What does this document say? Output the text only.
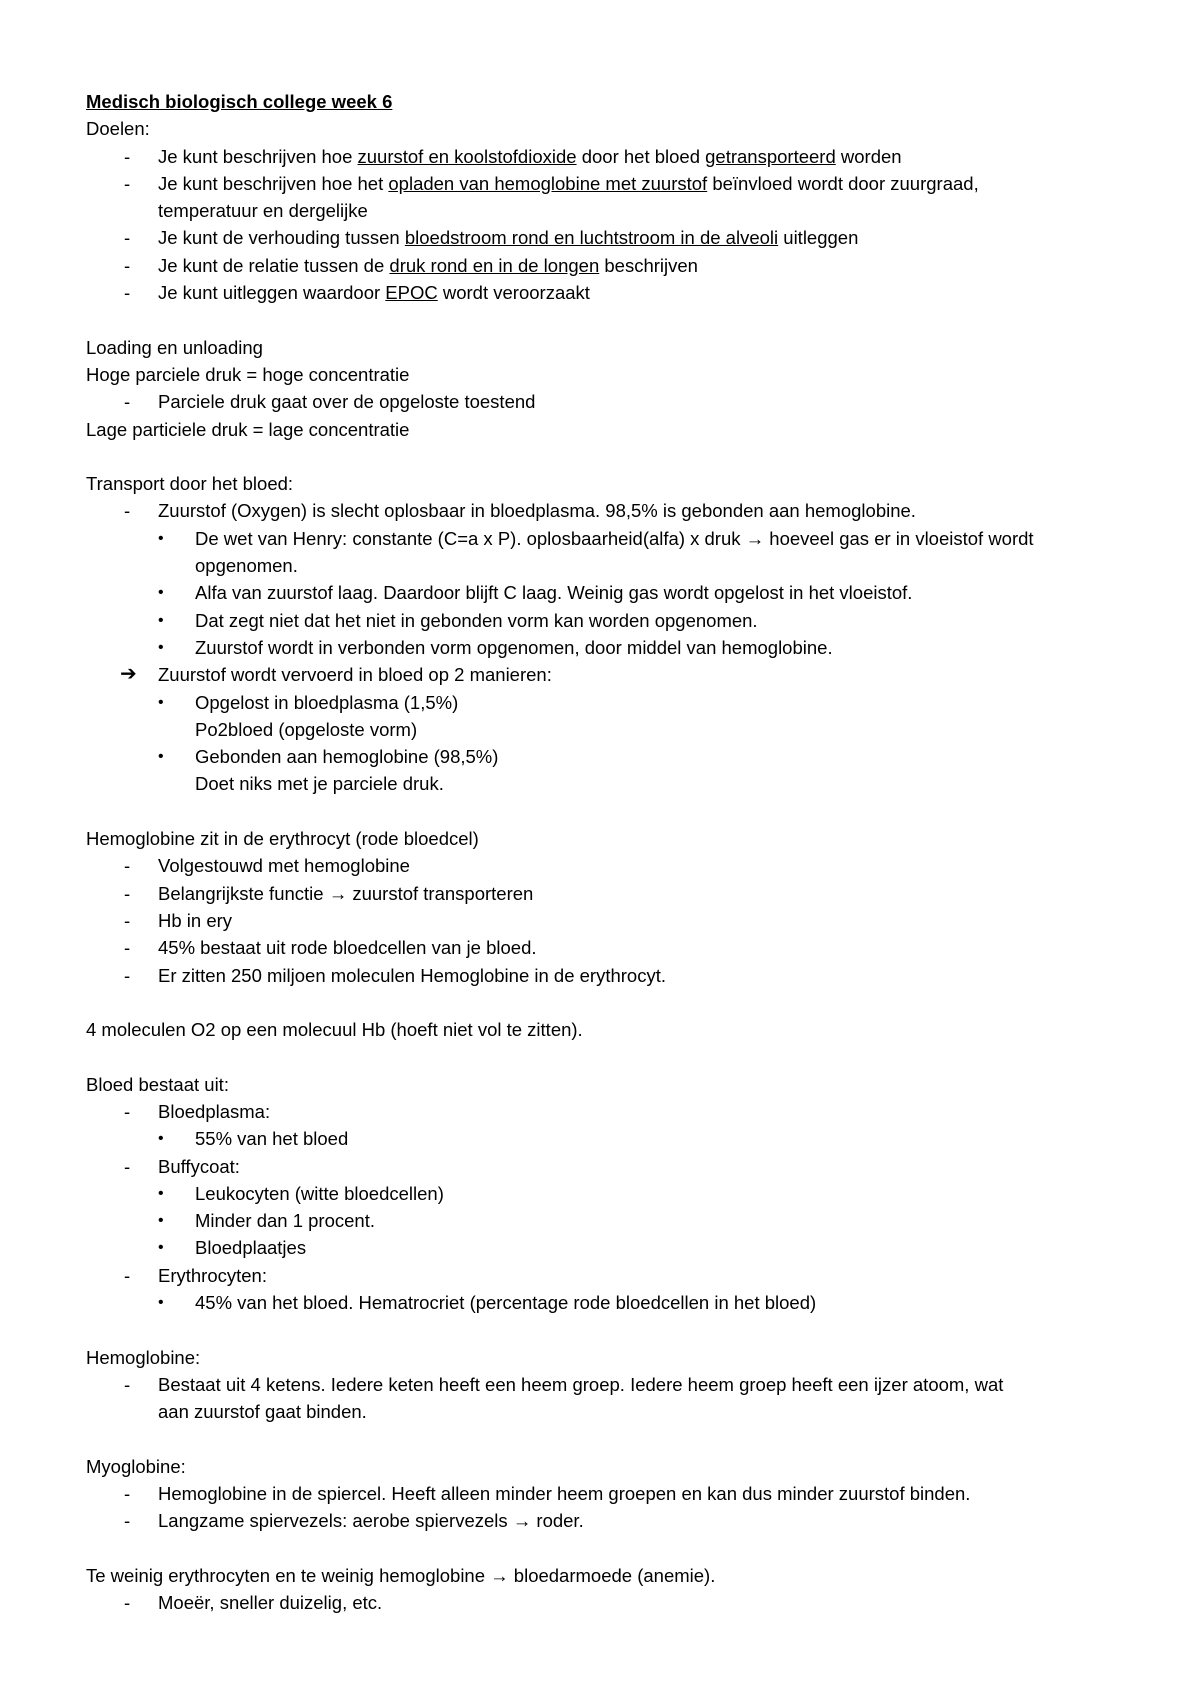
Medisch biologisch college week 6
Doelen:
- Je kunt beschrijven hoe zuurstof en koolstofdioxide door het bloed getransporteerd worden
- Je kunt beschrijven hoe het opladen van hemoglobine met zuurstof beïnvloed wordt door zuurgraad,
temperatuur en dergelijke
- Je kunt de verhouding tussen bloedstroom rond en luchtstroom in de alveoli uitleggen
- Je kunt de relatie tussen de druk rond en in de longen beschrijven
- Je kunt uitleggen waardoor EPOC wordt veroorzaakt
Loading en unloading
Hoge parciele druk = hoge concentratie
- Parciele druk gaat over de opgeloste toestend
Lage particiele druk = lage concentratie
Transport door het bloed:
- Zuurstof (Oxygen) is slecht oplosbaar in bloedplasma. 98,5% is gebonden aan hemoglobine.
• De wet van Henry: constante (C=a x P). oplosbaarheid(alfa) x druk → hoeveel gas er in vloeistof wordt
opgenomen.
• Alfa van zuurstof laag. Daardoor blijft C laag. Weinig gas wordt opgelost in het vloeistof.
• Dat zegt niet dat het niet in gebonden vorm kan worden opgenomen.
• Zuurstof wordt in verbonden vorm opgenomen, door middel van hemoglobine.
➔ Zuurstof wordt vervoerd in bloed op 2 manieren:
• Opgelost in bloedplasma (1,5%)
Po2bloed (opgeloste vorm)
• Gebonden aan hemoglobine (98,5%)
Doet niks met je parciele druk.
Hemoglobine zit in de erythrocyt (rode bloedcel)
- Volgestouwd met hemoglobine
- Belangrijkste functie → zuurstof transporteren
- Hb in ery
- 45% bestaat uit rode bloedcellen van je bloed.
- Er zitten 250 miljoen moleculen Hemoglobine in de erythrocyt.
4 moleculen O2 op een molecuul Hb (hoeft niet vol te zitten).
Bloed bestaat uit:
- Bloedplasma:
• 55% van het bloed
- Buffycoat:
• Leukocyten (witte bloedcellen)
• Minder dan 1 procent.
• Bloedplaatjes
- Erythrocyten:
• 45% van het bloed. Hematrocriet (percentage rode bloedcellen in het bloed)
Hemoglobine:
- Bestaat uit 4 ketens. Iedere keten heeft een heem groep. Iedere heem groep heeft een ijzer atoom, wat
aan zuurstof gaat binden.
Myoglobine:
- Hemoglobine in de spiercel. Heeft alleen minder heem groepen en kan dus minder zuurstof binden.
- Langzame spiervezels: aerobe spiervezels → roder.
Te weinig erythrocyten en te weinig hemoglobine → bloedarmoede (anemie).
- Moeër, sneller duizelig, etc.
